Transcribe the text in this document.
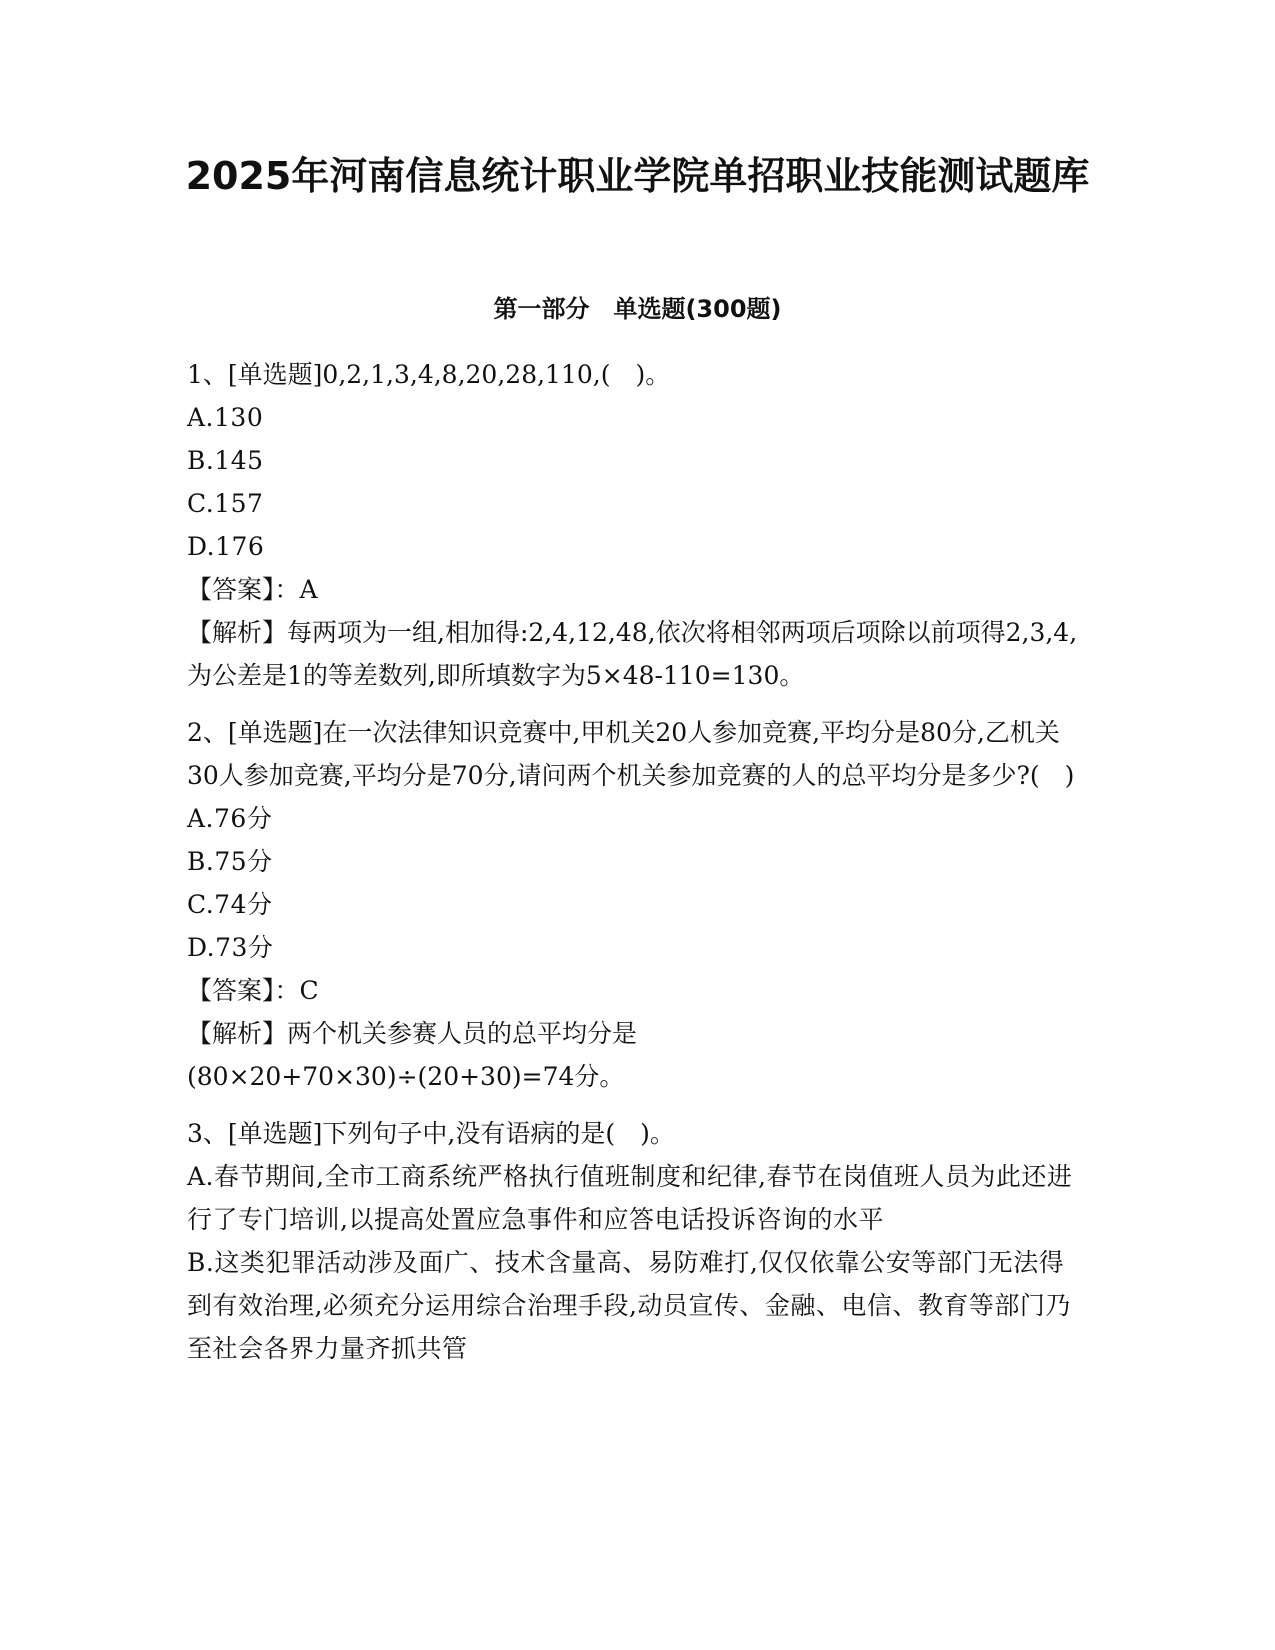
2025年河南信息统计职业学院单招职业技能测试题库
第一部分　单选题(300题)

1、[单选题]0,2,1,3,4,8,20,28,110,(　)。

A.130

B.145

C.157

D.176

【答案】：A

【解析】每两项为一组,相加得:2,4,12,48,依次将相邻两项后项除以前项得2,3,4,为公差是1的等差数列,即所填数字为5×48-110=130。

2、[单选题]在一次法律知识竞赛中,甲机关20人参加竞赛,平均分是80分,乙机关30人参加竞赛,平均分是70分,请问两个机关参加竞赛的人的总平均分是多少?(　)

A.76分

B.75分

C.74分

D.73分

【答案】：C

【解析】两个机关参赛人员的总平均分是

(80×20+70×30)÷(20+30)=74分。

3、[单选题]下列句子中,没有语病的是(　)。

A.春节期间,全市工商系统严格执行值班制度和纪律,春节在岗值班人员为此还进行了专门培训,以提高处置应急事件和应答电话投诉咨询的水平

B.这类犯罪活动涉及面广、技术含量高、易防难打,仅仅依靠公安等部门无法得到有效治理,必须充分运用综合治理手段,动员宣传、金融、电信、教育等部门乃至社会各界力量齐抓共管
